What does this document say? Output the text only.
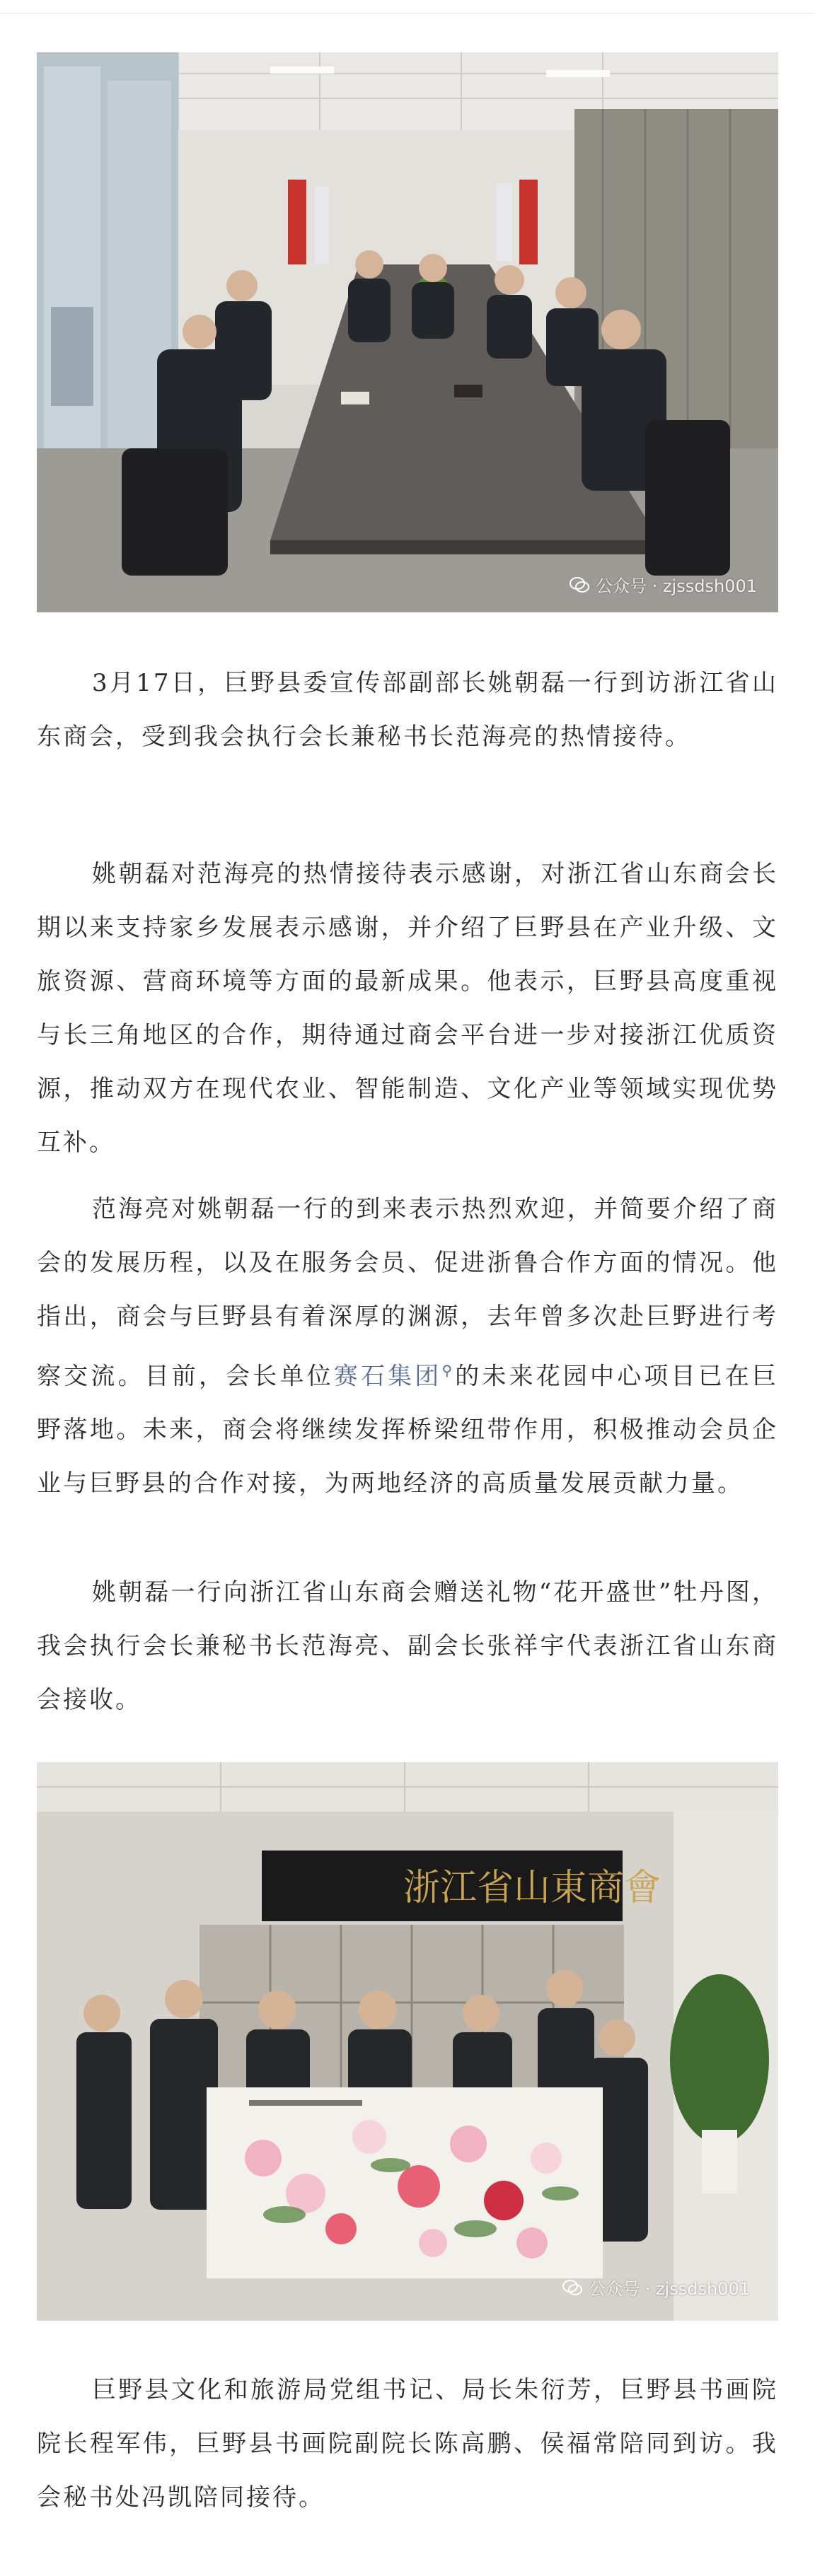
公众号 · zjssdsh001

3月17日，巨野县委宣传部副部长姚朝磊一行到访浙江省山东商会，受到我会执行会长兼秘书长范海亮的热情接待。

姚朝磊对范海亮的热情接待表示感谢，对浙江省山东商会长期以来支持家乡发展表示感谢，并介绍了巨野县在产业升级、文旅资源、营商环境等方面的最新成果。他表示，巨野县高度重视与长三角地区的合作，期待通过商会平台进一步对接浙江优质资源，推动双方在现代农业、智能制造、文化产业等领域实现优势互补。

范海亮对姚朝磊一行的到来表示热烈欢迎，并简要介绍了商会的发展历程，以及在服务会员、促进浙鲁合作方面的情况。他指出，商会与巨野县有着深厚的渊源，去年曾多次赴巨野进行考察交流。目前，会长单位赛石集团⚲的未来花园中心项目已在巨野落地。未来，商会将继续发挥桥梁纽带作用，积极推动会员企业与巨野县的合作对接，为两地经济的高质量发展贡献力量。

姚朝磊一行向浙江省山东商会赠送礼物“花开盛世”牡丹图，我会执行会长兼秘书长范海亮、副会长张祥宇代表浙江省山东商会接收。

浙江省山東商會
公众号 · zjssdsh001

巨野县文化和旅游局党组书记、局长朱衍芳，巨野县书画院院长程军伟，巨野县书画院副院长陈高鹏、侯福常陪同到访。我会秘书处冯凯陪同接待。
